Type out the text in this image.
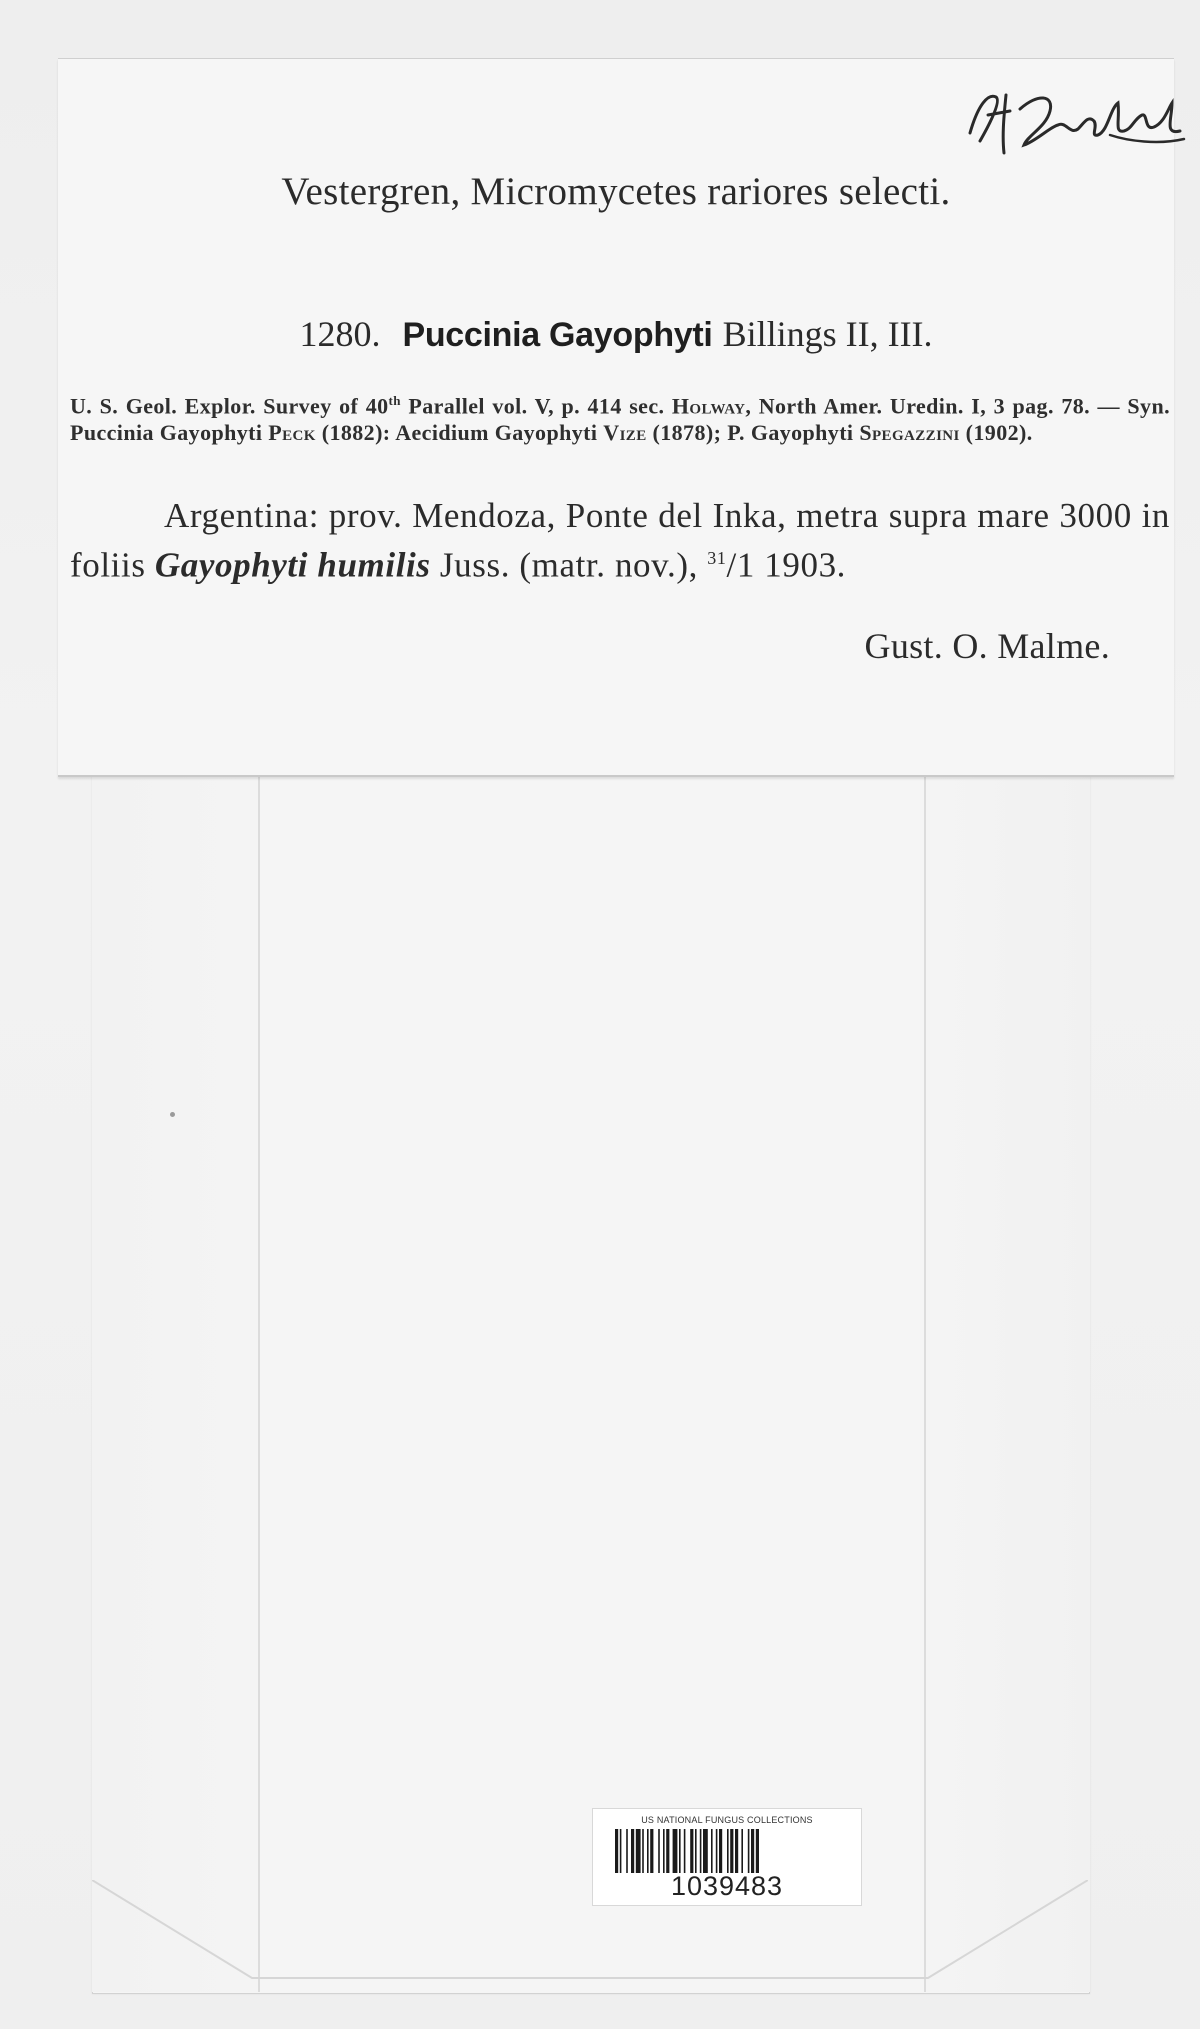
Vestergren, Micromycetes rariores selecti.
1280. Puccinia Gayophyti Billings II, III.
U. S. Geol. Explor. Survey of 40th Parallel vol. V, p. 414 sec. Holway, North Amer. Uredin. I, 3 pag. 78. — Syn. Puccinia Gayophyti Peck (1882): Aecidium Gayophyti Vize (1878); P. Gayophyti Spegazzini (1902).
Argentina: prov. Mendoza, Ponte del Inka, metra supra mare 3000 in foliis Gayophyti humilis Juss. (matr. nov.), $^{31}$/1 1903.
Gust. O. Malme.
US NATIONAL FUNGUS COLLECTIONS
1039483
